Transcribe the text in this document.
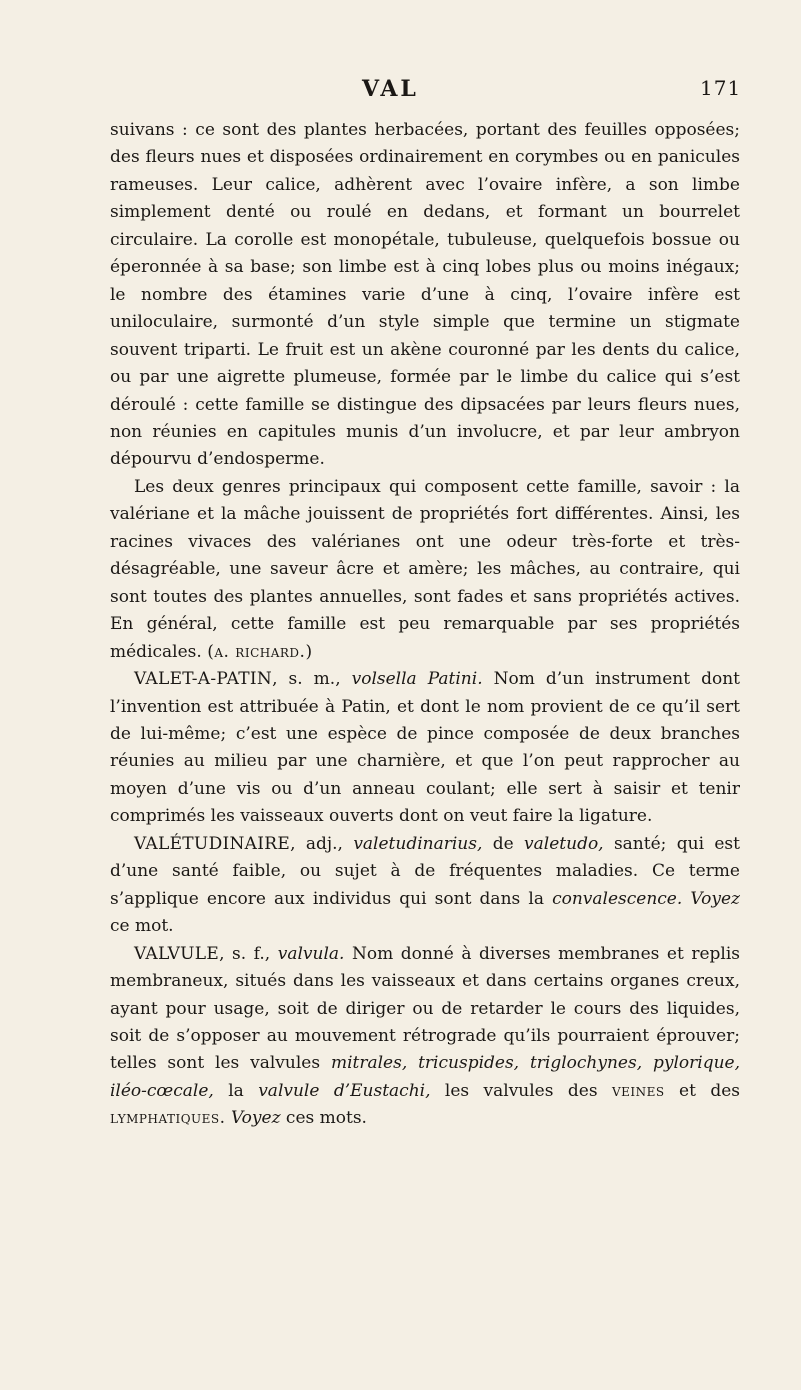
VAL	171

suivans : ce sont des plantes herbacées, portant des feuilles opposées; des fleurs nues et disposées ordinairement en corymbes ou en panicules rameuses. Leur calice, adhèrent avec l’ovaire infère, a son limbe simplement denté ou roulé en dedans, et formant un bourrelet circulaire. La corolle est monopétale, tubuleuse, quelquefois bossue ou éperonnée à sa base; son limbe est à cinq lobes plus ou moins inégaux; le nombre des étamines varie d’une à cinq, l’ovaire infère est uniloculaire, surmonté d’un style simple que termine un stigmate souvent triparti. Le fruit est un akène couronné par les dents du calice, ou par une aigrette plumeuse, formée par le limbe du calice qui s’est déroulé : cette famille se distingue des dipsacées par leurs fleurs nues, non réunies en capitules munis d’un involucre, et par leur ambryon dépourvu d’endosperme.

Les deux genres principaux qui composent cette famille, savoir : la valériane et la mâche jouissent de propriétés fort différentes. Ainsi, les racines vivaces des valérianes ont une odeur très-forte et très-désagréable, une saveur âcre et amère; les mâches, au contraire, qui sont toutes des plantes annuelles, sont fades et sans propriétés actives. En général, cette famille est peu remarquable par ses propriétés médicales. (a. richard.)

VALET-A-PATIN, s. m., volsella Patini. Nom d’un instrument dont l’invention est attribuée à Patin, et dont le nom provient de ce qu’il sert de lui-même; c’est une espèce de pince composée de deux branches réunies au milieu par une charnière, et que l’on peut rapprocher au moyen d’une vis ou d’un anneau coulant; elle sert à saisir et tenir comprimés les vaisseaux ouverts dont on veut faire la ligature.

VALÉTUDINAIRE, adj., valetudinarius, de valetudo, santé; qui est d’une santé faible, ou sujet à de fréquentes maladies. Ce terme s’applique encore aux individus qui sont dans la convalescence. Voyez ce mot.

VALVULE, s. f., valvula. Nom donné à diverses membranes et replis membraneux, situés dans les vaisseaux et dans certains organes creux, ayant pour usage, soit de diriger ou de retarder le cours des liquides, soit de s’opposer au mouvement rétrograde qu’ils pourraient éprouver; telles sont les valvules mitrales, tricuspides, triglochynes, pylorique, iléo-cœcale, la valvule d’Eustachi, les valvules des veines et des lymphatiques. Voyez ces mots.
